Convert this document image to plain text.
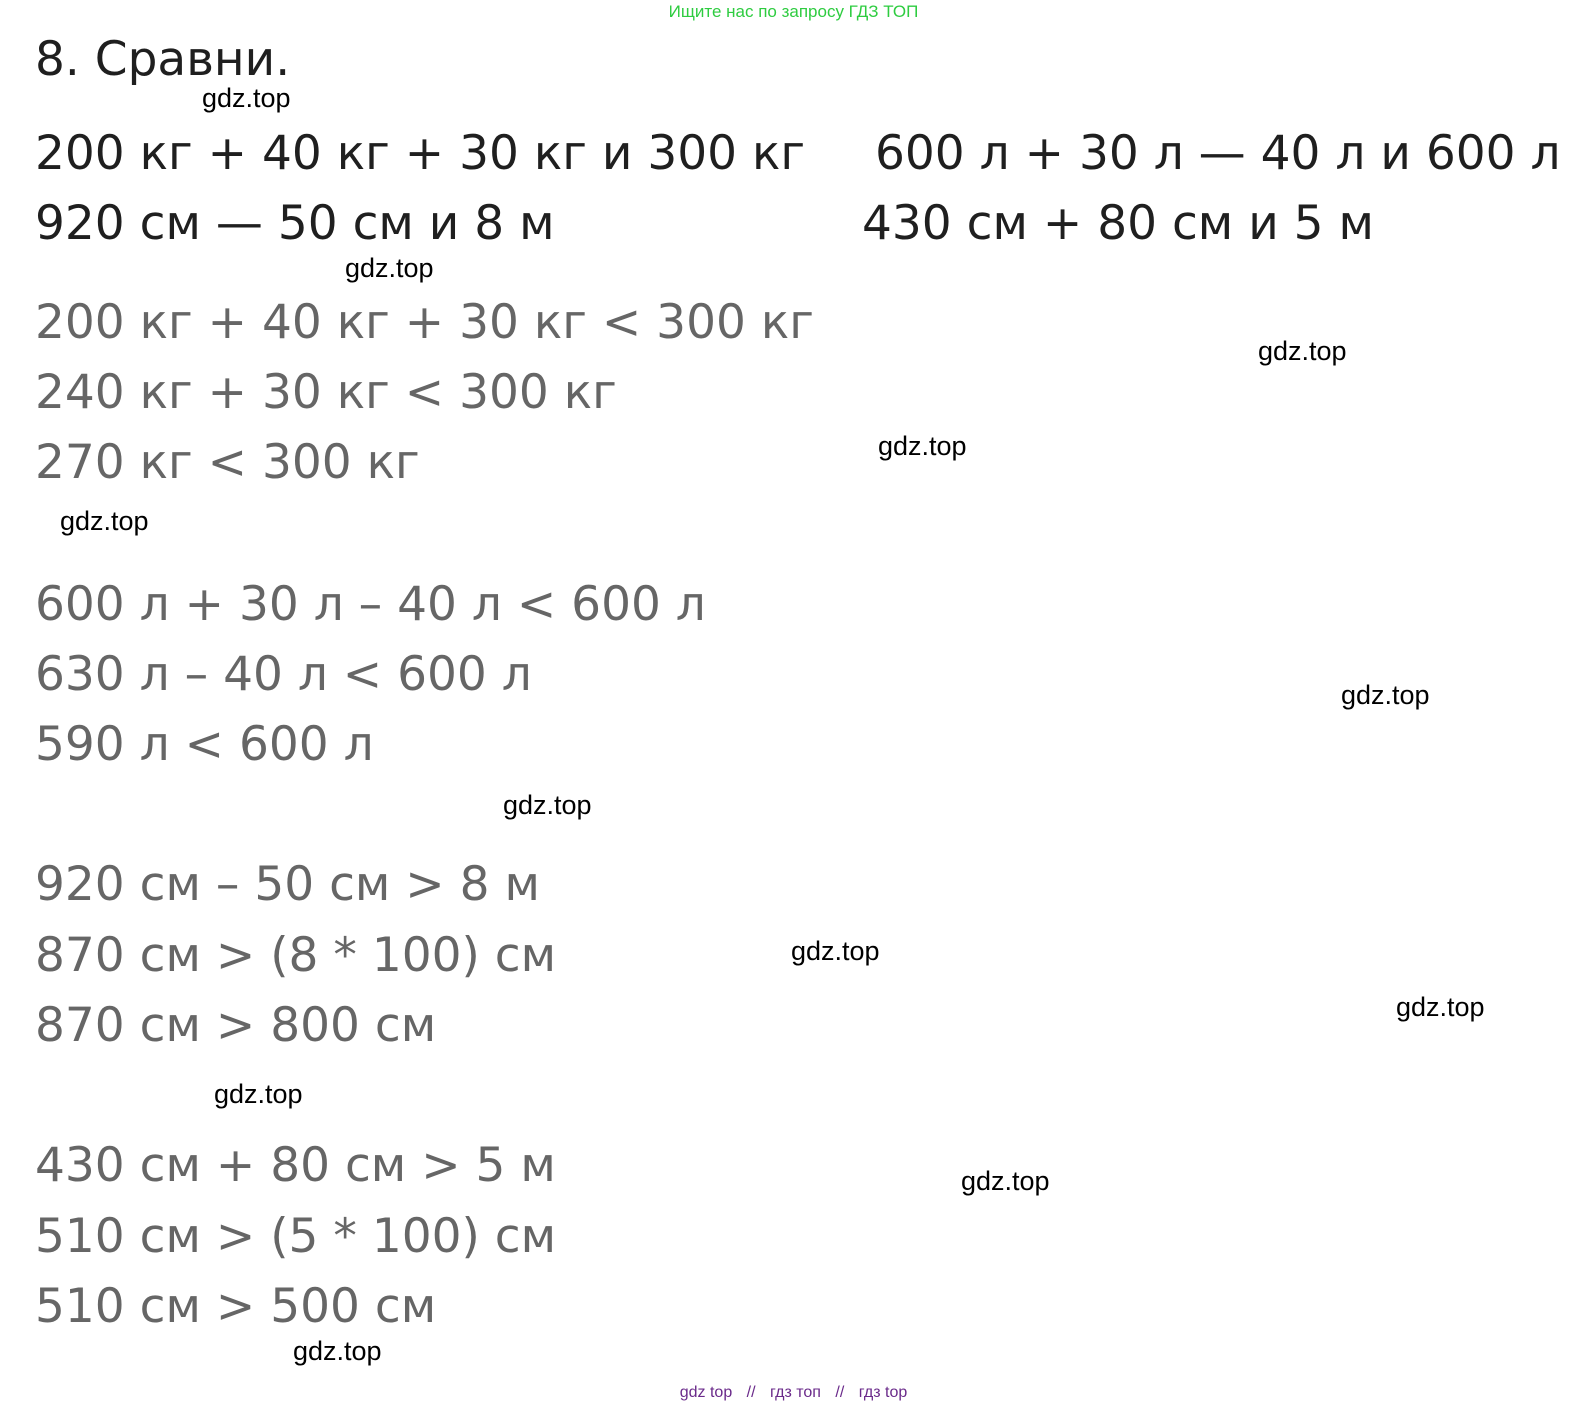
Ищите нас по запросу ГДЗ ТОП
8. Сравни.
200 кг + 40 кг + 30 кг и 300 кг 600 л + 30 л — 40 л и 600 л
920 см — 50 см и 8 м	430 см + 80 см и 5 м
200 кг + 40 кг + 30 кг < 300 кг
240 кг + 30 кг < 300 кг
270 кг < 300 кг
600 л + 30 л – 40 л < 600 л
630 л – 40 л < 600 л
590 л < 600 л
920 см – 50 см > 8 м
870 см > (8 * 100) см
870 см > 800 см
430 см + 80 см > 5 м
510 см > (5 * 100) см
510 см > 500 см
gdz.top
gdz.top
gdz.top
gdz.top
gdz.top
gdz.top
gdz.top
gdz.top
gdz.top
gdz.top
gdz.top
gdz.top
gdz top // гдз топ // гдз top
